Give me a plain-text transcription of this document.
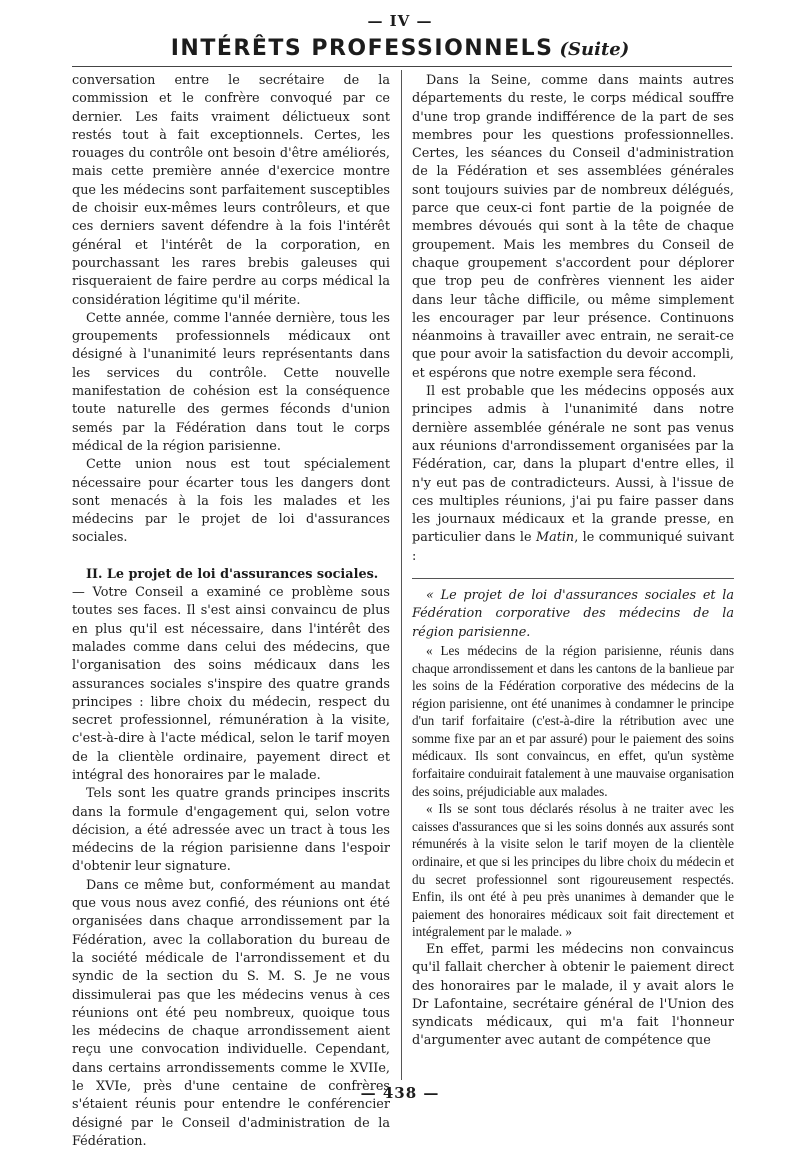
— IV —
INTÉRÊTS PROFESSIONNELS (Suite)

conversation entre le secrétaire de la commission et le confrère convoqué par ce dernier. Les faits vraiment délictueux sont restés tout à fait exceptionnels. Certes, les rouages du contrôle ont besoin d'être améliorés, mais cette première année d'exercice montre que les médecins sont parfaitement susceptibles de choisir eux-mêmes leurs contrôleurs, et que ces derniers savent défendre à la fois l'intérêt général et l'intérêt de la corporation, en pourchassant les rares brebis galeuses qui risqueraient de faire perdre au corps médical la considération légitime qu'il mérite.

Cette année, comme l'année dernière, tous les groupements professionnels médicaux ont désigné à l'unanimité leurs représentants dans les services du contrôle. Cette nouvelle manifestation de cohésion est la conséquence toute naturelle des germes féconds d'union semés par la Fédération dans tout le corps médical de la région parisienne.

Cette union nous est tout spécialement nécessaire pour écarter tous les dangers dont sont menacés à la fois les malades et les médecins par le projet de loi d'assurances sociales.

II. Le projet de loi d'assurances sociales.

— Votre Conseil a examiné ce problème sous toutes ses faces. Il s'est ainsi convaincu de plus en plus qu'il est nécessaire, dans l'intérêt des malades comme dans celui des médecins, que l'organisation des soins médicaux dans les assurances sociales s'inspire des quatre grands principes : libre choix du médecin, respect du secret professionnel, rémunération à la visite, c'est-à-dire à l'acte médical, selon le tarif moyen de la clientèle ordinaire, payement direct et intégral des honoraires par le malade.

Tels sont les quatre grands principes inscrits dans la formule d'engagement qui, selon votre décision, a été adressée avec un tract à tous les médecins de la région parisienne dans l'espoir d'obtenir leur signature.

Dans ce même but, conformément au mandat que vous nous avez confié, des réunions ont été organisées dans chaque arrondissement par la Fédération, avec la collaboration du bureau de la société médicale de l'arrondissement et du syndic de la section du S. M. S. Je ne vous dissimulerai pas que les médecins venus à ces réunions ont été peu nombreux, quoique tous les médecins de chaque arrondissement aient reçu une convocation individuelle. Cependant, dans certains arrondissements comme le XVIIe, le XVIe, près d'une centaine de confrères s'étaient réunis pour entendre le conférencier désigné par le Conseil d'administration de la Fédération.

Dans la Seine, comme dans maints autres départements du reste, le corps médical souffre d'une trop grande indifférence de la part de ses membres pour les questions professionnelles. Certes, les séances du Conseil d'administration de la Fédération et ses assemblées générales sont toujours suivies par de nombreux délégués, parce que ceux-ci font partie de la poignée de membres dévoués qui sont à la tête de chaque groupement. Mais les membres du Conseil de chaque groupement s'accordent pour déplorer que trop peu de confrères viennent les aider dans leur tâche difficile, ou même simplement les encourager par leur présence. Continuons néanmoins à travailler avec entrain, ne serait-ce que pour avoir la satisfaction du devoir accompli, et espérons que notre exemple sera fécond.

Il est probable que les médecins opposés aux principes admis à l'unanimité dans notre dernière assemblée générale ne sont pas venus aux réunions d'arrondissement organisées par la Fédération, car, dans la plupart d'entre elles, il n'y eut pas de contradicteurs. Aussi, à l'issue de ces multiples réunions, j'ai pu faire passer dans les journaux médicaux et la grande presse, en particulier dans le Matin, le communiqué suivant :

« Le projet de loi d'assurances sociales et la Fédération corporative des médecins de la région parisienne.

« Les médecins de la région parisienne, réunis dans chaque arrondissement et dans les cantons de la banlieue par les soins de la Fédération corporative des médecins de la région parisienne, ont été unanimes à condamner le principe d'un tarif forfaitaire (c'est-à-dire la rétribution avec une somme fixe par an et par assuré) pour le paiement des soins médicaux. Ils sont convaincus, en effet, qu'un système forfaitaire conduirait fatalement à une mauvaise organisation des soins, préjudiciable aux malades.

« Ils se sont tous déclarés résolus à ne traiter avec les caisses d'assurances que si les soins donnés aux assurés sont rémunérés à la visite selon le tarif moyen de la clientèle ordinaire, et que si les principes du libre choix du médecin et du secret professionnel sont rigoureusement respectés. Enfin, ils ont été à peu près unanimes à demander que le paiement des honoraires médicaux soit fait directement et intégralement par le malade. »

En effet, parmi les médecins non convaincus qu'il fallait chercher à obtenir le paiement direct des honoraires par le malade, il y avait alors le Dr Lafontaine, secrétaire général de l'Union des syndicats médicaux, qui m'a fait l'honneur d'argumenter avec autant de compétence que

— 438 —
